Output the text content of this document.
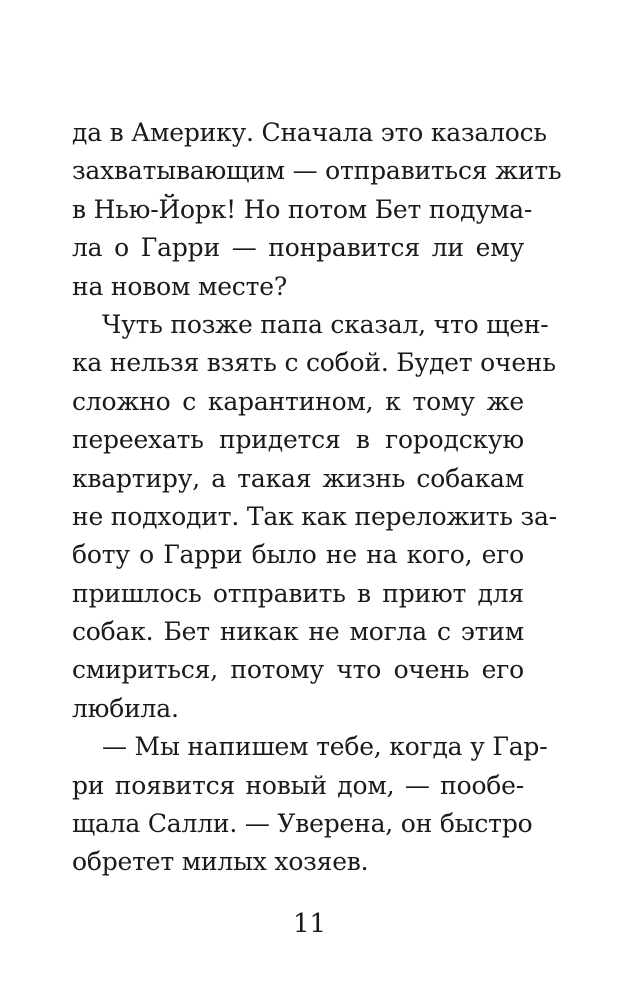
да в Америку. Сначала это казалось
захватывающим — отправиться жить
в Нью-Йорк! Но потом Бет подума-
ла о Гарри — понравится ли ему
на новом месте?
Чуть позже папа сказал, что щен-
ка нельзя взять с собой. Будет очень
сложно с карантином, к тому же
переехать придется в городскую
квартиру, а такая жизнь собакам
не подходит. Так как переложить за-
боту о Гарри было не на кого, его
пришлось отправить в приют для
собак. Бет никак не могла с этим
смириться, потому что очень его
любила.
— Мы напишем тебе, когда у Гар-
ри появится новый дом, — пообе-
щала Салли. — Уверена, он быстро
обретет милых хозяев.
11
